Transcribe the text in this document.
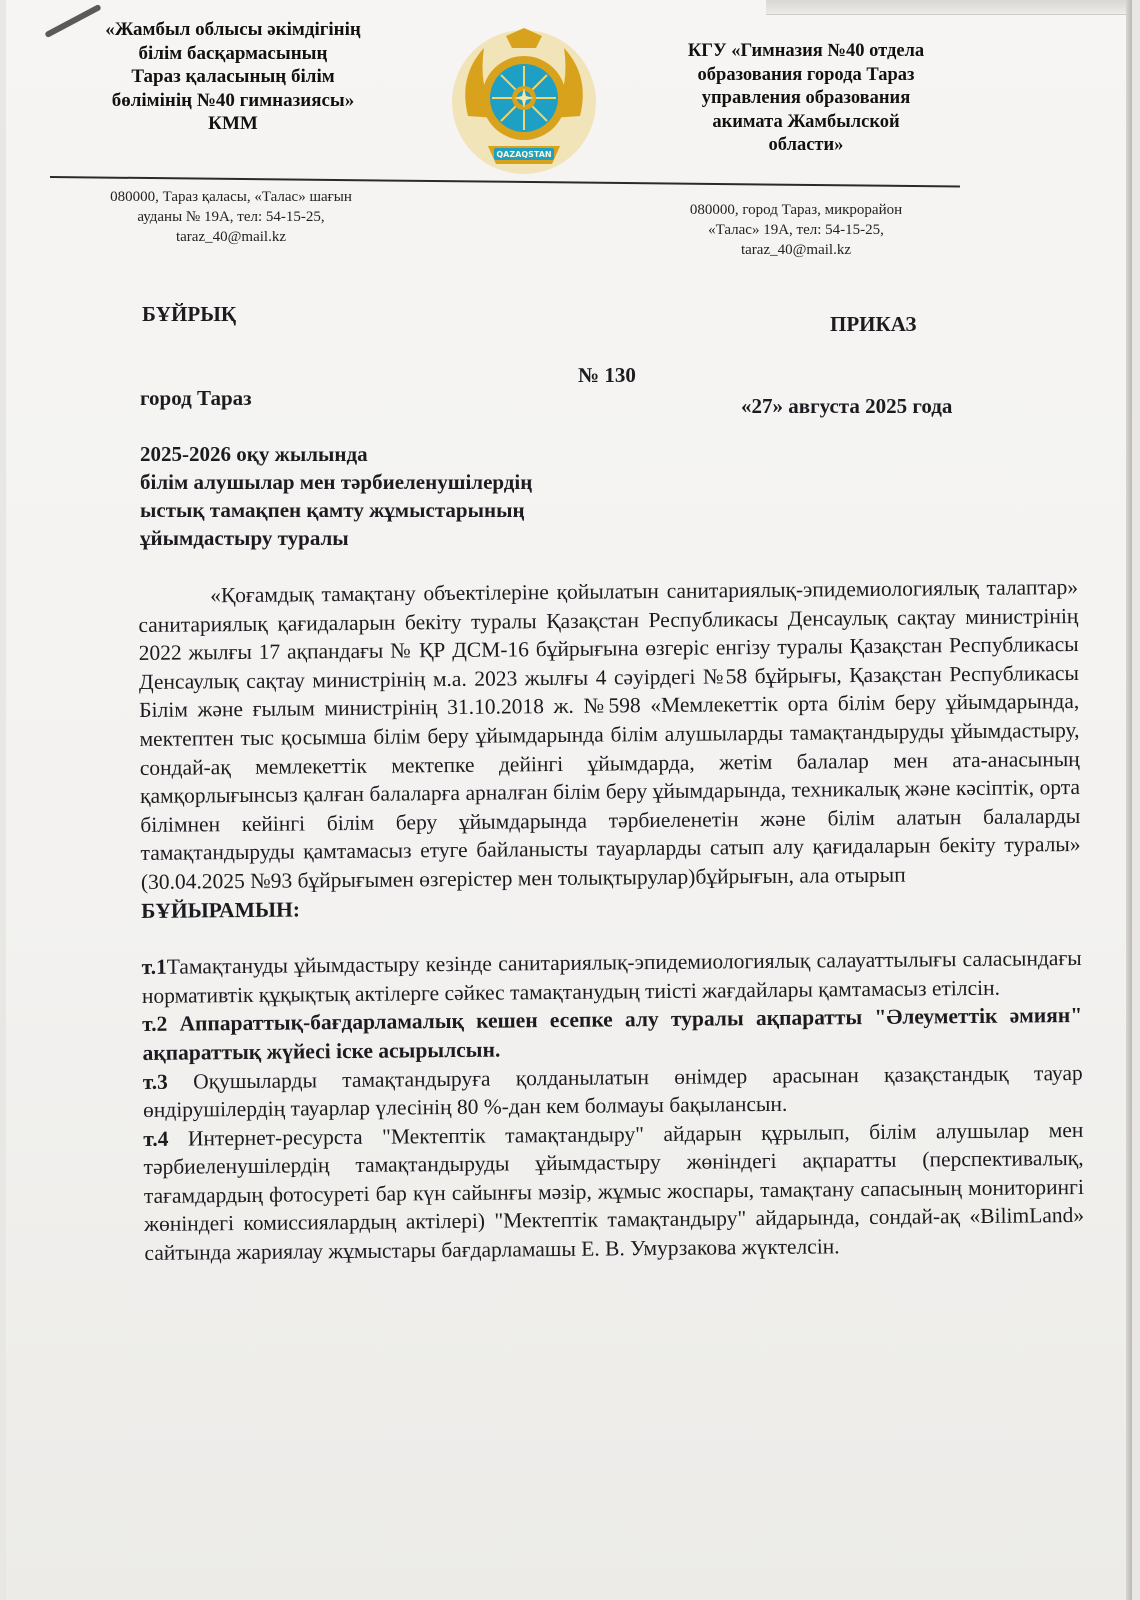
«Жамбыл облысы әкімдігінің
білім басқармасының
Тараз қаласының білім
бөлімінің №40 гимназиясы»
КММ
QAZAQSTAN
КГУ «Гимназия №40 отдела
образования города Тараз
управления образования
акимата Жамбылской
области»
080000, Тараз қаласы, «Талас» шағын
ауданы № 19А, тел: 54-15-25,
taraz_40@mail.kz
080000, город Тараз, микрорайон
«Талас» 19А, тел: 54-15-25,
taraz_40@mail.kz
БҰЙРЫҚ	ПРИКАЗ
№ 130
город Тараз	«27» августа 2025 года
2025-2026 оқу жылында
білім алушылар мен тәрбиеленушілердің
ыстық тамақпен қамту жұмыстарының
ұйымдастыру туралы

«Қоғамдық тамақтану объектілеріне қойылатын санитариялық-эпидемиологиялық талаптар» санитариялық қағидаларын бекіту туралы Қазақстан Республикасы Денсаулық сақтау министрінің 2022 жылғы 17 ақпандағы № ҚР ДСМ-16 бұйрығына өзгеріс енгізу туралы Қазақстан Республикасы Денсаулық сақтау министрінің м.а. 2023 жылғы 4 сәуірдегі №58 бұйрығы, Қазақстан Республикасы Білім және ғылым министрінің 31.10.2018 ж. №598 «Мемлекеттік орта білім беру ұйымдарында, мектептен тыс қосымша білім беру ұйымдарында білім алушыларды тамақтандыруды ұйымдастыру, сондай-ақ мемлекеттік мектепке дейінгі ұйымдарда, жетім балалар мен ата-анасының қамқорлығынсыз қалған балаларға арналған білім беру ұйымдарында, техникалық және кәсіптік, орта білімнен кейінгі білім беру ұйымдарында тәрбиеленетін және білім алатын балаларды тамақтандыруды қамтамасыз етуге байланысты тауарларды сатып алу қағидаларын бекіту туралы» (30.04.2025 №93 бұйрығымен өзгерістер мен толықтырулар)бұйрығын, ала отырып

БҰЙЫРАМЫН:

т.1Тамақтануды ұйымдастыру кезінде санитариялық-эпидемиологиялық салауаттылығы саласындағы нормативтік құқықтық актілерге сәйкес тамақтанудың тиісті жағдайлары қамтамасыз етілсін.

т.2 Аппараттық-бағдарламалық кешен есепке алу туралы ақпаратты "Әлеуметтік әмиян" ақпараттық жүйесі іске асырылсын.

т.3 Оқушыларды тамақтандыруға қолданылатын өнімдер арасынан қазақстандық тауар өндірушілердің тауарлар үлесінің 80 %-дан кем болмауы бақылансын.

т.4 Интернет-ресурста "Мектептік тамақтандыру" айдарын құрылып, білім алушылар мен тәрбиеленушілердің тамақтандыруды ұйымдастыру жөніндегі ақпаратты (перспективалық, тағамдардың фотосуреті бар күн сайынғы мәзір, жұмыс жоспары, тамақтану сапасының мониторингі жөніндегі комиссиялардың актілері) "Мектептік тамақтандыру" айдарында, сондай-ақ «BilimLand» сайтында жариялау жұмыстары бағдарламашы Е. В. Умурзакова жүктелсін.
